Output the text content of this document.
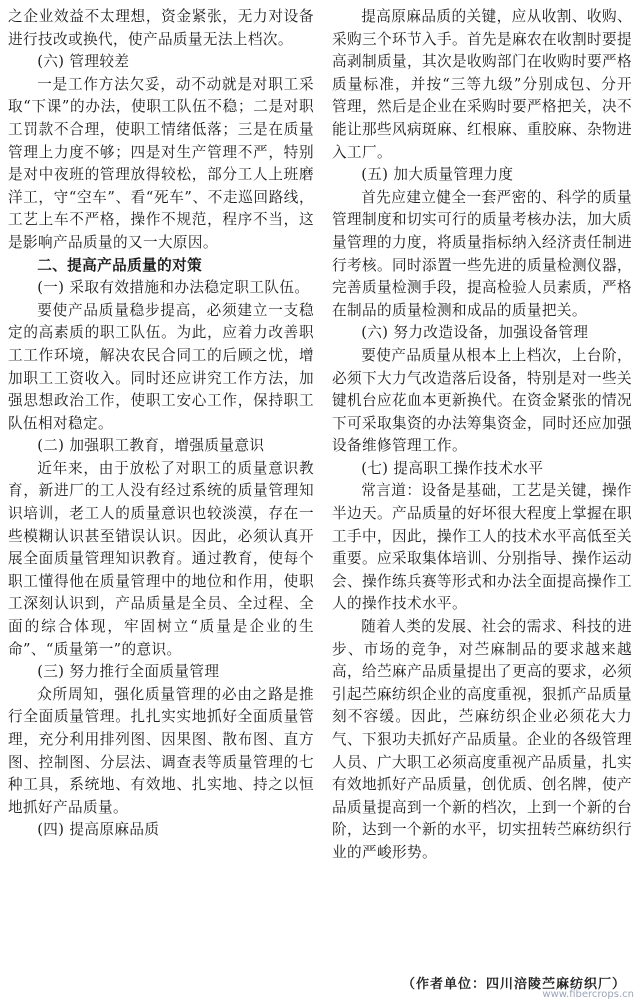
之企业效益不太理想，资金紧张，无力对设备进行技改或换代，使产品质量无法上档次。

(六) 管理较差

一是工作方法欠妥，动不动就是对职工采取“下课”的办法，使职工队伍不稳；二是对职工罚款不合理，使职工情绪低落；三是在质量管理上力度不够；四是对生产管理不严，特别是对中夜班的管理放得较松，部分工人上班磨洋工，守“空车”、看“死车”、不走巡回路线，工艺上车不严格，操作不规范，程序不当，这是影响产品质量的又一大原因。

二、提高产品质量的对策

(一) 采取有效措施和办法稳定职工队伍。

要使产品质量稳步提高，必须建立一支稳定的高素质的职工队伍。为此，应着力改善职工工作环境，解决农民合同工的后顾之忧，增加职工工资收入。同时还应讲究工作方法，加强思想政治工作，使职工安心工作，保持职工队伍相对稳定。

(二) 加强职工教育，增强质量意识

近年来，由于放松了对职工的质量意识教育，新进厂的工人没有经过系统的质量管理知识培训，老工人的质量意识也较淡漠，存在一些模糊认识甚至错误认识。因此，必须认真开展全面质量管理知识教育。通过教育，使每个职工懂得他在质量管理中的地位和作用，使职工深刻认识到，产品质量是全员、全过程、全面的综合体现，牢固树立“质量是企业的生命”、“质量第一”的意识。

(三) 努力推行全面质量管理

众所周知，强化质量管理的必由之路是推行全面质量管理。扎扎实实地抓好全面质量管理，充分利用排列图、因果图、散布图、直方图、控制图、分层法、调查表等质量管理的七种工具，系统地、有效地、扎实地、持之以恒地抓好产品质量。

(四) 提高原麻品质

提高原麻品质的关键，应从收割、收购、采购三个环节入手。首先是麻农在收割时要提高剥制质量，其次是收购部门在收购时要严格质量标准，并按“三等九级”分别成包、分开管理，然后是企业在采购时要严格把关，决不能让那些风病斑麻、红根麻、重胶麻、杂物进入工厂。

(五) 加大质量管理力度

首先应建立健全一套严密的、科学的质量管理制度和切实可行的质量考核办法，加大质量管理的力度，将质量指标纳入经济责任制进行考核。同时添置一些先进的质量检测仪器，完善质量检测手段，提高检验人员素质，严格在制品的质量检测和成品的质量把关。

(六) 努力改造设备，加强设备管理

要使产品质量从根本上上档次，上台阶，必须下大力气改造落后设备，特别是对一些关键机台应花血本更新换代。在资金紧张的情况下可采取集资的办法筹集资金，同时还应加强设备维修管理工作。

(七) 提高职工操作技术水平

常言道：设备是基础，工艺是关键，操作半边天。产品质量的好坏很大程度上掌握在职工手中，因此，操作工人的技术水平高低至关重要。应采取集体培训、分别指导、操作运动会、操作练兵赛等形式和办法全面提高操作工人的操作技术水平。

随着人类的发展、社会的需求、科技的进步、市场的竞争，对苎麻制品的要求越来越高，给苎麻产品质量提出了更高的要求，必须引起苎麻纺织企业的高度重视，狠抓产品质量刻不容缓。因此，苎麻纺织企业必须花大力气、下狠功夫抓好产品质量。企业的各级管理人员、广大职工必须高度重视产品质量，扎实有效地抓好产品质量，创优质、创名牌，使产品质量提高到一个新的档次，上到一个新的台阶，达到一个新的水平，切实扭转苎麻纺织行业的严峻形势。

（作者单位：四川涪陵苎麻纺织厂）
www.fibercrops.cn
